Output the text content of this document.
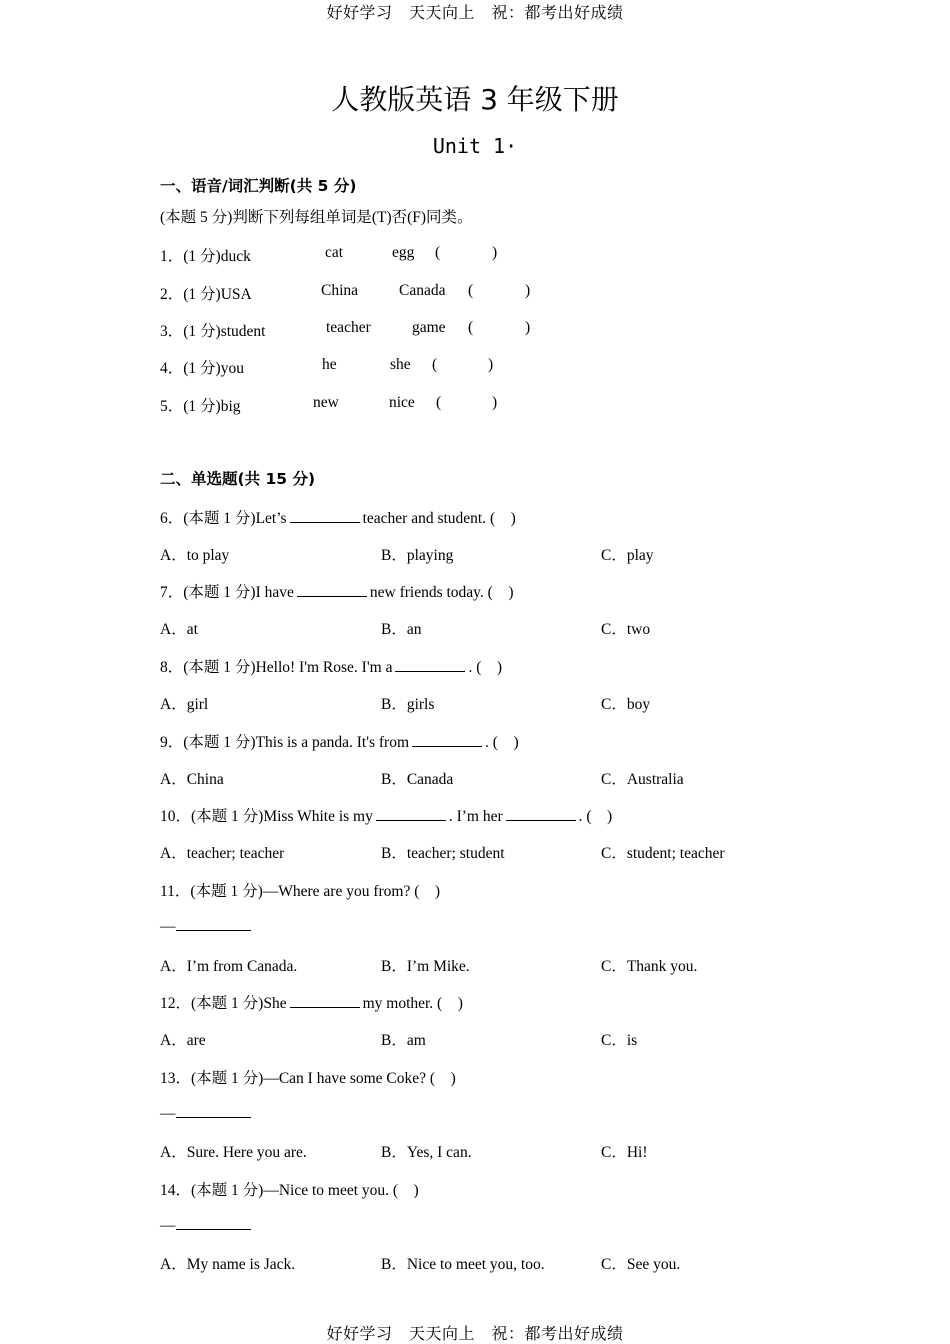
好好学习　天天向上　祝：都考出好成绩
人教版英语 3 年级下册
Unit 1·
一、语音/词汇判断(共 5 分)
(本题 5 分)判断下列每组单词是(T)否(F)同类。
1．(1 分)duck	cat	egg (	)
2．(1 分)USA	China	Canada (	)
3．(1 分)student	teacher	game (	)
4．(1 分)you	he	she (	)
5．(1 分)big	new	nice (	)
二、单选题(共 15 分)
6．(本题 1 分)Let’s	teacher and student. (　)
A．to play	B．playing	C．play
7．(本题 1 分)I have	new friends today. (　)
A．at	B．an	C．two
8．(本题 1 分)Hello! I'm Rose. I'm a	. (　)
A．girl	B．girls	C．boy
9．(本题 1 分)This is a panda. It's from	. (　)
A．China	B．Canada	C．Australia
10．(本题 1 分)Miss White is my	. I’m her	. (　)
A．teacher; teacher	B．teacher; student	C．student; teacher
11．(本题 1 分)—Where are you from? (　)
—
A．I’m from Canada.	B．I’m Mike.	C．Thank you.
12．(本题 1 分)She	my mother. (　)
A．are	B．am	C．is
13．(本题 1 分)—Can I have some Coke? (　)
—
A．Sure. Here you are.	B．Yes, I can.	C．Hi!
14．(本题 1 分)—Nice to meet you. (　)
—
A．My name is Jack.	B．Nice to meet you, too.	C．See you.
好好学习　天天向上　祝：都考出好成绩
